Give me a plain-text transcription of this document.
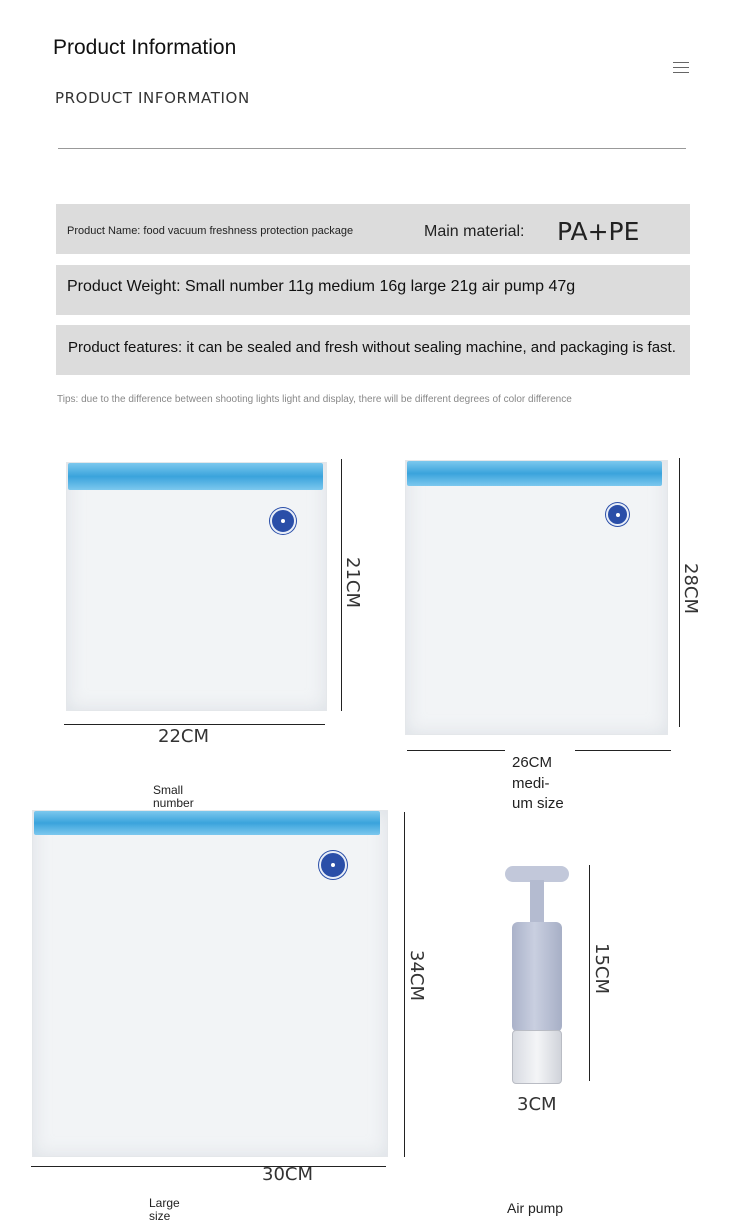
Product Information
PRODUCT INFORMATION
Product Name: food vacuum freshness protection package	Main material: PA+PE
Product Weight: Small number 11g medium 16g large 21g air pump 47g
Product features: it can be sealed and fresh without sealing machine, and packaging is fast.
Tips: due to the difference between shooting lights light and display, there will be different degrees of color difference
21CM
22CM
Small number
28CM
26CM
medi-um size
34CM
30CM
Large size
15CM
3CM
Air pump
